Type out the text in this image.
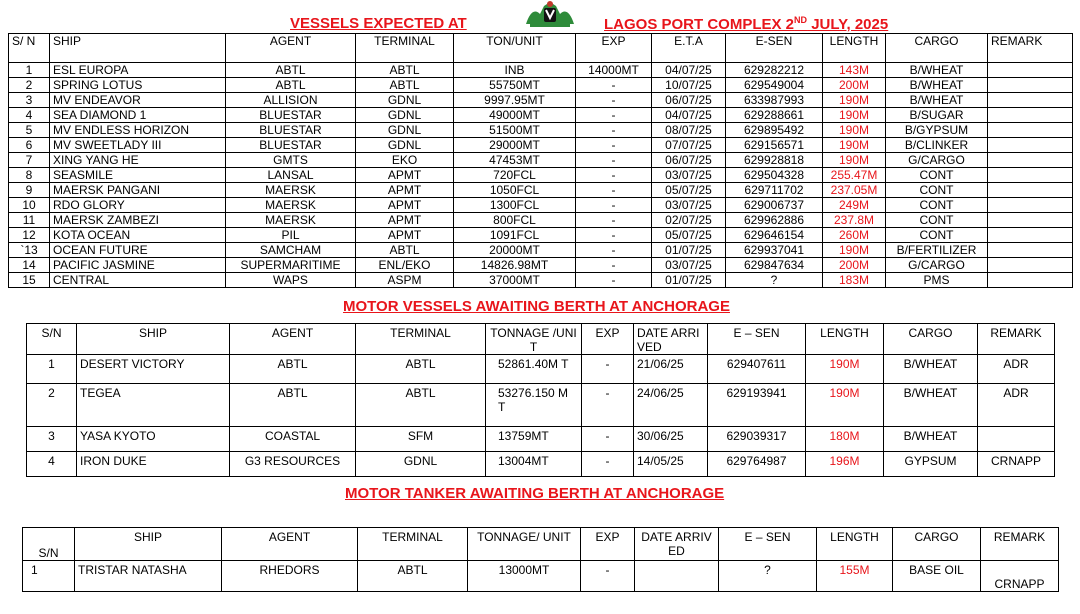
VESSELS EXPECTED AT	LAGOS PORT COMPLEX 2ND JULY, 2025
S/ N	SHIP	AGENT	TERMINAL	TON/UNIT	EXP	E.T.A	E-SEN	LENGTH	CARGO	REMARK
1	ESL EUROPA	ABTL	ABTL	INB	14000MT	04/07/25	629282212	143M	B/WHEAT	
2	SPRING LOTUS	ABTL	ABTL	55750MT	-	10/07/25	629549004	200M	B/WHEAT	
3	MV ENDEAVOR	ALLISION	GDNL	9997.95MT	-	06/07/25	633987993	190M	B/WHEAT	
4	SEA DIAMOND 1	BLUESTAR	GDNL	49000MT	-	04/07/25	629288661	190M	B/SUGAR	
5	MV ENDLESS HORIZON	BLUESTAR	GDNL	51500MT	-	08/07/25	629895492	190M	B/GYPSUM	
6	MV SWEETLADY III	BLUESTAR	GDNL	29000MT	-	07/07/25	629156571	190M	B/CLINKER	
7	XING YANG HE	GMTS	EKO	47453MT	-	06/07/25	629928818	190M	G/CARGO	
8	SEASMILE	LANSAL	APMT	720FCL	-	03/07/25	629504328	255.47M	CONT	
9	MAERSK PANGANI	MAERSK	APMT	1050FCL	-	05/07/25	629711702	237.05M	CONT	
10	RDO GLORY	MAERSK	APMT	1300FCL	-	03/07/25	629006737	249M	CONT	
11	MAERSK ZAMBEZI	MAERSK	APMT	800FCL	-	02/07/25	629962886	237.8M	CONT	
12	KOTA OCEAN	PIL	APMT	1091FCL	-	05/07/25	629646154	260M	CONT	
`13	OCEAN FUTURE	SAMCHAM	ABTL	20000MT	-	01/07/25	629937041	190M	B/FERTILIZER	
14	PACIFIC JASMINE	SUPERMARITIME	ENL/EKO	14826.98MT	-	03/07/25	629847634	200M	G/CARGO	
15	CENTRAL	WAPS	ASPM	37000MT	-	01/07/25	?	183M	PMS	
MOTOR VESSELS AWAITING BERTH AT ANCHORAGE
S/N	SHIP	AGENT	TERMINAL	TONNAGE /UNIT	EXP	DATE ARRIVED	E – SEN	LENGTH	CARGO	REMARK
1	DESERT VICTORY	ABTL	ABTL	52861.40M T	-	21/06/25	629407611	190M	B/WHEAT	ADR
2	TEGEA	ABTL	ABTL	53276.150 M T	-	24/06/25	629193941	190M	B/WHEAT	ADR
3	YASA KYOTO	COASTAL	SFM	13759MT	-	30/06/25	629039317	180M	B/WHEAT	
4	IRON DUKE	G3 RESOURCES	GDNL	13004MT	-	14/05/25	629764987	196M	GYPSUM	CRNAPP
MOTOR TANKER AWAITING BERTH AT ANCHORAGE
S/N	SHIP	AGENT	TERMINAL	TONNAGE/ UNIT	EXP	DATE ARRIVED	E – SEN	LENGTH	CARGO	REMARK
1	TRISTAR NATASHA	RHEDORS	ABTL	13000MT	-		?	155M	BASE OIL	CRNAPP
